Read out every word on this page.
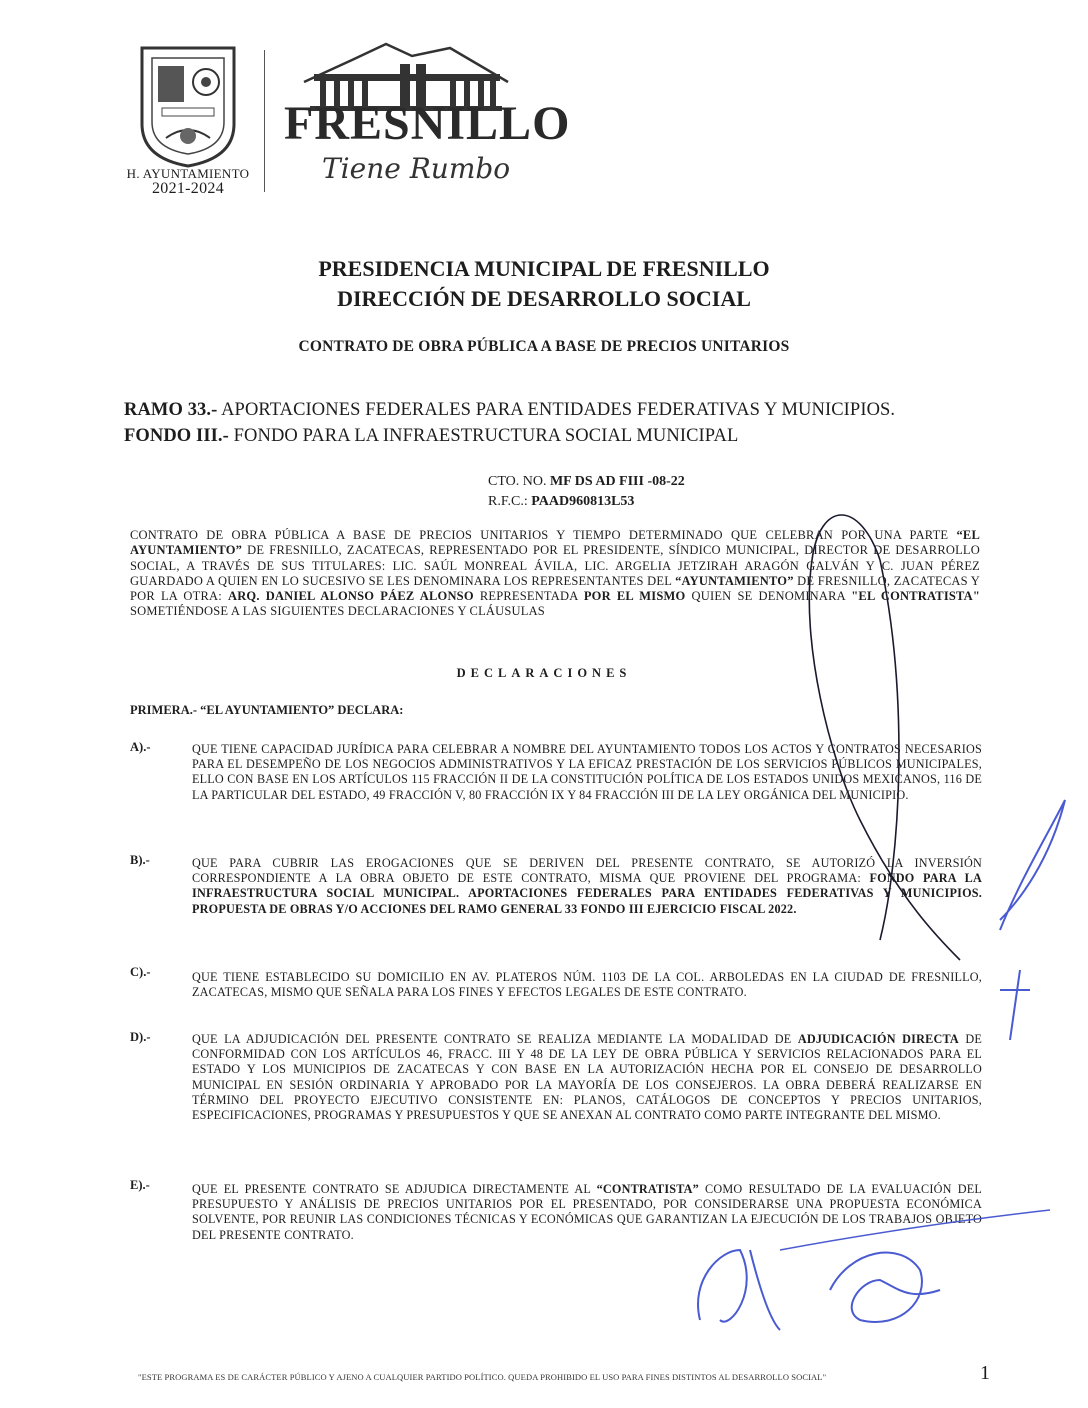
H. AYUNTAMIENTO
2021-2024
FRESNILLO
Tiene Rumbo
PRESIDENCIA MUNICIPAL DE FRESNILLO
DIRECCIÓN DE DESARROLLO SOCIAL
CONTRATO DE OBRA PÚBLICA A BASE DE PRECIOS UNITARIOS
RAMO 33.- APORTACIONES FEDERALES PARA ENTIDADES FEDERATIVAS Y MUNICIPIOS.
FONDO III.- FONDO PARA LA INFRAESTRUCTURA SOCIAL MUNICIPAL
CTO. NO. MF DS AD FIII -08-22
R.F.C.: PAAD960813L53
CONTRATO DE OBRA PÚBLICA A BASE DE PRECIOS UNITARIOS Y TIEMPO DETERMINADO QUE CELEBRAN POR UNA PARTE “EL AYUNTAMIENTO” DE FRESNILLO, ZACATECAS, REPRESENTADO POR EL PRESIDENTE, SÍNDICO MUNICIPAL, DIRECTOR DE DESARROLLO SOCIAL, A TRAVÉS DE SUS TITULARES: LIC. SAÚL MONREAL ÁVILA, LIC. ARGELIA JETZIRAH ARAGÓN GALVÁN Y C. JUAN PÉREZ GUARDADO A QUIEN EN LO SUCESIVO SE LES DENOMINARA LOS REPRESENTANTES DEL “AYUNTAMIENTO” DE FRESNILLO, ZACATECAS Y POR LA OTRA: ARQ. DANIEL ALONSO PÁEZ ALONSO REPRESENTADA POR EL MISMO QUIEN SE DENOMINARA "EL CONTRATISTA" SOMETIÉNDOSE A LAS SIGUIENTES DECLARACIONES Y CLÁUSULAS
DECLARACIONES
PRIMERA.- “EL AYUNTAMIENTO” DECLARA:
A).-	QUE TIENE CAPACIDAD JURÍDICA PARA CELEBRAR A NOMBRE DEL AYUNTAMIENTO TODOS LOS ACTOS Y CONTRATOS NECESARIOS PARA EL DESEMPEÑO DE LOS NEGOCIOS ADMINISTRATIVOS Y LA EFICAZ PRESTACIÓN DE LOS SERVICIOS PÚBLICOS MUNICIPALES, ELLO CON BASE EN LOS ARTÍCULOS 115 FRACCIÓN II DE LA CONSTITUCIÓN POLÍTICA DE LOS ESTADOS UNIDOS MEXICANOS, 116 DE LA PARTICULAR DEL ESTADO, 49 FRACCIÓN V, 80 FRACCIÓN IX Y 84 FRACCIÓN III DE LA LEY ORGÁNICA DEL MUNICIPIO.
B).-	QUE PARA CUBRIR LAS EROGACIONES QUE SE DERIVEN DEL PRESENTE CONTRATO, SE AUTORIZÓ LA INVERSIÓN CORRESPONDIENTE A LA OBRA OBJETO DE ESTE CONTRATO, MISMA QUE PROVIENE DEL PROGRAMA: FONDO PARA LA INFRAESTRUCTURA SOCIAL MUNICIPAL. APORTACIONES FEDERALES PARA ENTIDADES FEDERATIVAS Y MUNICIPIOS. PROPUESTA DE OBRAS Y/O ACCIONES DEL RAMO GENERAL 33 FONDO III EJERCICIO FISCAL 2022.
C).-	QUE TIENE ESTABLECIDO SU DOMICILIO EN AV. PLATEROS NÚM. 1103 DE LA COL. ARBOLEDAS EN LA CIUDAD DE FRESNILLO, ZACATECAS, MISMO QUE SEÑALA PARA LOS FINES Y EFECTOS LEGALES DE ESTE CONTRATO.
D).-	QUE LA ADJUDICACIÓN DEL PRESENTE CONTRATO SE REALIZA MEDIANTE LA MODALIDAD DE ADJUDICACIÓN DIRECTA DE CONFORMIDAD CON LOS ARTÍCULOS 46, FRACC. III Y 48 DE LA LEY DE OBRA PÚBLICA Y SERVICIOS RELACIONADOS PARA EL ESTADO Y LOS MUNICIPIOS DE ZACATECAS Y CON BASE EN LA AUTORIZACIÓN HECHA POR EL CONSEJO DE DESARROLLO MUNICIPAL EN SESIÓN ORDINARIA Y APROBADO POR LA MAYORÍA DE LOS CONSEJEROS. LA OBRA DEBERÁ REALIZARSE EN TÉRMINO DEL PROYECTO EJECUTIVO CONSISTENTE EN: PLANOS, CATÁLOGOS DE CONCEPTOS Y PRECIOS UNITARIOS, ESPECIFICACIONES, PROGRAMAS Y PRESUPUESTOS Y QUE SE ANEXAN AL CONTRATO COMO PARTE INTEGRANTE DEL MISMO.
E).-	QUE EL PRESENTE CONTRATO SE ADJUDICA DIRECTAMENTE AL “CONTRATISTA” COMO RESULTADO DE LA EVALUACIÓN DEL PRESUPUESTO Y ANÁLISIS DE PRECIOS UNITARIOS POR EL PRESENTADO, POR CONSIDERARSE UNA PROPUESTA ECONÓMICA SOLVENTE, POR REUNIR LAS CONDICIONES TÉCNICAS Y ECONÓMICAS QUE GARANTIZAN LA EJECUCIÓN DE LOS TRABAJOS OBJETO DEL PRESENTE CONTRATO.
"ESTE PROGRAMA ES DE CARÁCTER PÚBLICO Y AJENO A CUALQUIER PARTIDO POLÍTICO. QUEDA PROHIBIDO EL USO PARA FINES DISTINTOS AL DESARROLLO SOCIAL"	1
